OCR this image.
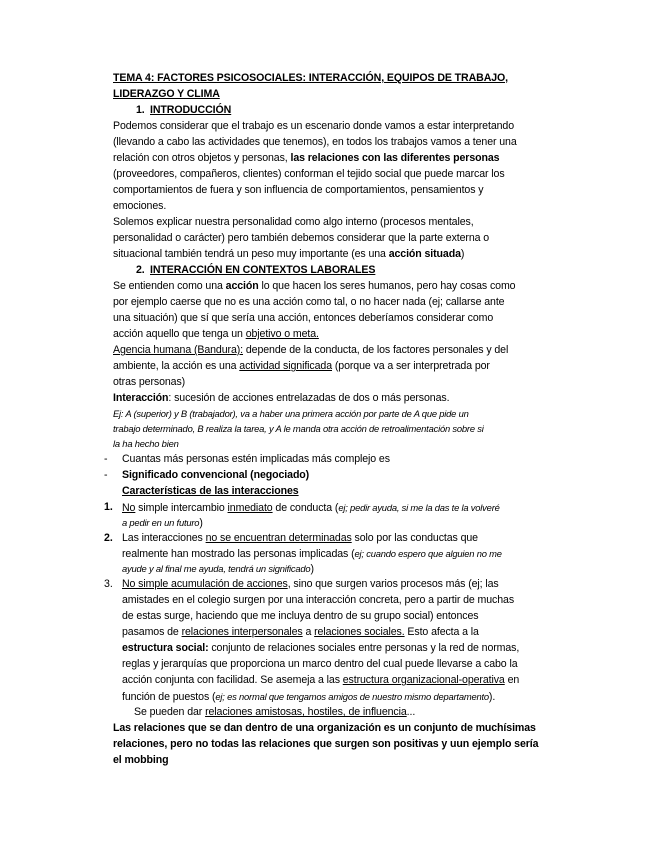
TEMA 4: FACTORES PSICOSOCIALES: INTERACCIÓN, EQUIPOS DE TRABAJO,
LIDERAZGO Y CLIMA
1. INTRODUCCIÓN
Podemos considerar que el trabajo es un escenario donde vamos a estar interpretando
(llevando a cabo las actividades que tenemos), en todos los trabajos vamos a tener una
relación con otros objetos y personas, las relaciones con las diferentes personas
(proveedores, compañeros, clientes) conforman el tejido social que puede marcar los
comportamientos de fuera y son influencia de comportamientos, pensamientos y
emociones.
Solemos explicar nuestra personalidad como algo interno (procesos mentales,
personalidad o carácter) pero también debemos considerar que la parte externa o
situacional también tendrá un peso muy importante (es una acción situada)
2. INTERACCIÓN EN CONTEXTOS LABORALES
Se entienden como una acción lo que hacen los seres humanos, pero hay cosas como
por ejemplo caerse que no es una acción como tal, o no hacer nada (ej; callarse ante
una situación) que sí que sería una acción, entonces deberíamos considerar como
acción aquello que tenga un objetivo o meta.
Agencia humana (Bandura): depende de la conducta, de los factores personales y del
ambiente, la acción es una actividad significada (porque va a ser interpretrada por
otras personas)
Interacción: sucesión de acciones entrelazadas de dos o más personas.
Ej: A (superior) y B (trabajador), va a haber una primera acción por parte de A que pide un
trabajo determinado, B realiza la tarea, y A le manda otra acción de retroalimentación sobre si
la ha hecho bien
- Cuantas más personas estén implicadas más complejo es
- Significado convencional (negociado)
Características de las interacciones
1. No simple intercambio inmediato de conducta (ej; pedir ayuda, si me la das te la volveré
a pedir en un futuro)
2. Las interacciones no se encuentran determinadas solo por las conductas que
realmente han mostrado las personas implicadas (ej; cuando espero que alguien no me
ayude y al final me ayuda, tendrá un significado)
3. No simple acumulación de acciones, sino que surgen varios procesos más (ej; las
amistades en el colegio surgen por una interacción concreta, pero a partir de muchas
de estas surge, haciendo que me incluya dentro de su grupo social) entonces
pasamos de relaciones interpersonales a relaciones sociales. Esto afecta a la
estructura social: conjunto de relaciones sociales entre personas y la red de normas,
reglas y jerarquías que proporciona un marco dentro del cual puede llevarse a cabo la
acción conjunta con facilidad. Se asemeja a las estructura organizacional-operativa en
función de puestos (ej; es normal que tengamos amigos de nuestro mismo departamento).
Se pueden dar relaciones amistosas, hostiles, de influencia...
Las relaciones que se dan dentro de una organización es un conjunto de muchísimas
relaciones, pero no todas las relaciones que surgen son positivas y uun ejemplo sería
el mobbing
